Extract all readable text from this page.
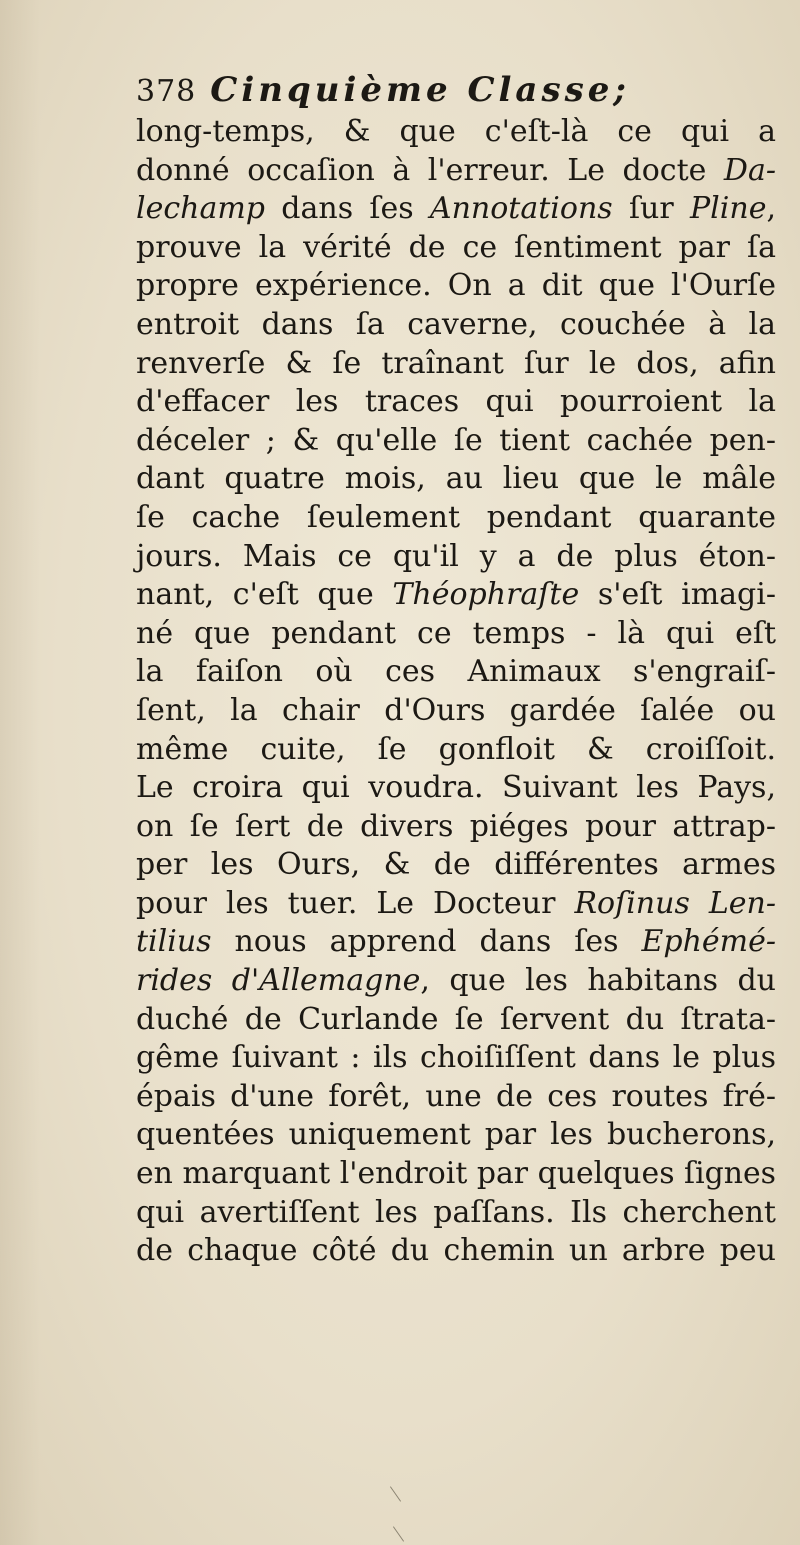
378 Cinquième Classe;
long-temps, & que c'eſt-là ce qui a
donné occaſion à l'erreur. Le docte Da-
lechamp dans ſes Annotations ſur Pline,
prouve la vérité de ce ſentiment par ſa
propre expérience. On a dit que l'Ourſe
entroit dans ſa caverne, couchée à la
renverſe & ſe traînant ſur le dos, afin
d'effacer les traces qui pourroient la
déceler ; & qu'elle ſe tient cachée pen-
dant quatre mois, au lieu que le mâle
ſe cache ſeulement pendant quarante
jours. Mais ce qu'il y a de plus éton-
nant, c'eſt que Théophraſte s'eſt imagi-
né que pendant ce temps - là qui eſt
la faiſon où ces Animaux s'engraiſ-
ſent, la chair d'Ours gardée ſalée ou
même cuite, ſe gonfloit & croiſſoit.
Le croira qui voudra. Suivant les Pays,
on ſe ſert de divers piéges pour attrap-
per les Ours, & de différentes armes
pour les tuer. Le Docteur Roſinus Len-
tilius nous apprend dans ſes Ephémé-
rides d'Allemagne, que les habitans du
duché de Curlande ſe ſervent du ſtrata-
gême ſuivant : ils choiſiſſent dans le plus
épais d'une forêt, une de ces routes fré-
quentées uniquement par les bucherons,
en marquant l'endroit par quelques ſignes
qui avertiſſent les paſſans. Ils cherchent
de chaque côté du chemin un arbre peu
